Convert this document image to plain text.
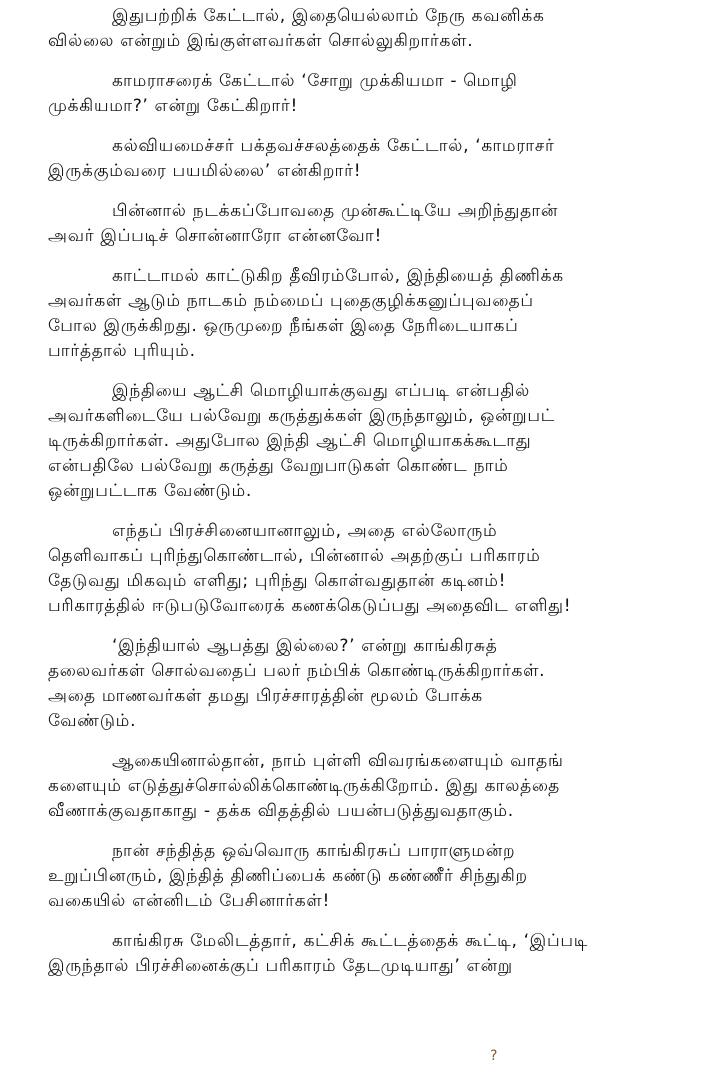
இதுபற்றிக் கேட்டால், இதையெல்லாம் நேரு கவனிக்க
வில்லை என்றும் இங்குள்ளவர்கள் சொல்லுகிறார்கள்.

காமராசரைக் கேட்டால் ‘சோறு முக்கியமா - மொழி
முக்கியமா?’ என்று கேட்கிறார்!

கல்வியமைச்சர் பக்தவச்சலத்தைக் கேட்டால், ‘காமராசர்
இருக்கும்வரை பயமில்லை’ என்கிறார்!

பின்னால் நடக்கப்போவதை முன்கூட்டியே அறிந்துதான்
அவர் இப்படிச் சொன்னாரோ என்னவோ!

காட்டாமல் காட்டுகிற தீவிரம்போல், இந்தியைத் திணிக்க
அவர்கள் ஆடும் நாடகம் நம்மைப் புதைகுழிக்கனுப்புவதைப்
போல இருக்கிறது. ஒருமுறை நீங்கள் இதை நேரிடையாகப்
பார்த்தால் புரியும்.

இந்தியை ஆட்சி மொழியாக்குவது எப்படி என்பதில்
அவர்களிடையே பல்வேறு கருத்துக்கள் இருந்தாலும், ஒன்றுபட்
டிருக்கிறார்கள். அதுபோல இந்தி ஆட்சி மொழியாகக்கூடாது
என்பதிலே பல்வேறு கருத்து வேறுபாடுகள் கொண்ட நாம்
ஒன்றுபட்டாக வேண்டும்.

எந்தப் பிரச்சினையானாலும், அதை எல்லோரும்
தெளிவாகப் புரிந்துகொண்டால், பின்னால் அதற்குப் பரிகாரம்
தேடுவது மிகவும் எளிது; புரிந்து கொள்வதுதான் கடினம்!
பரிகாரத்தில் ஈடுபடுவோரைக் கணக்கெடுப்பது அதைவிட எளிது!

‘இந்தியால் ஆபத்து இல்லை?’ என்று காங்கிரசுத்
தலைவர்கள் சொல்வதைப் பலர் நம்பிக் கொண்டிருக்கிறார்கள்.
அதை மாணவர்கள் தமது பிரச்சாரத்தின் மூலம் போக்க
வேண்டும்.

ஆகையினால்தான், நாம் புள்ளி விவரங்களையும் வாதங்
களையும் எடுத்துச்சொல்லிக்கொண்டிருக்கிறோம். இது காலத்தை
வீணாக்குவதாகாது - தக்க விதத்தில் பயன்படுத்துவதாகும்.

நான் சந்தித்த ஒவ்வொரு காங்கிரசுப் பாராளுமன்ற
உறுப்பினரும், இந்தித் திணிப்பைக் கண்டு கண்ணீர் சிந்துகிற
வகையில் என்னிடம் பேசினார்கள்!

காங்கிரசு மேலிடத்தார், கட்சிக் கூட்டத்தைக் கூட்டி, ‘இப்படி
இருந்தால் பிரச்சினைக்குப் பரிகாரம் தேடமுடியாது’ என்று

?
